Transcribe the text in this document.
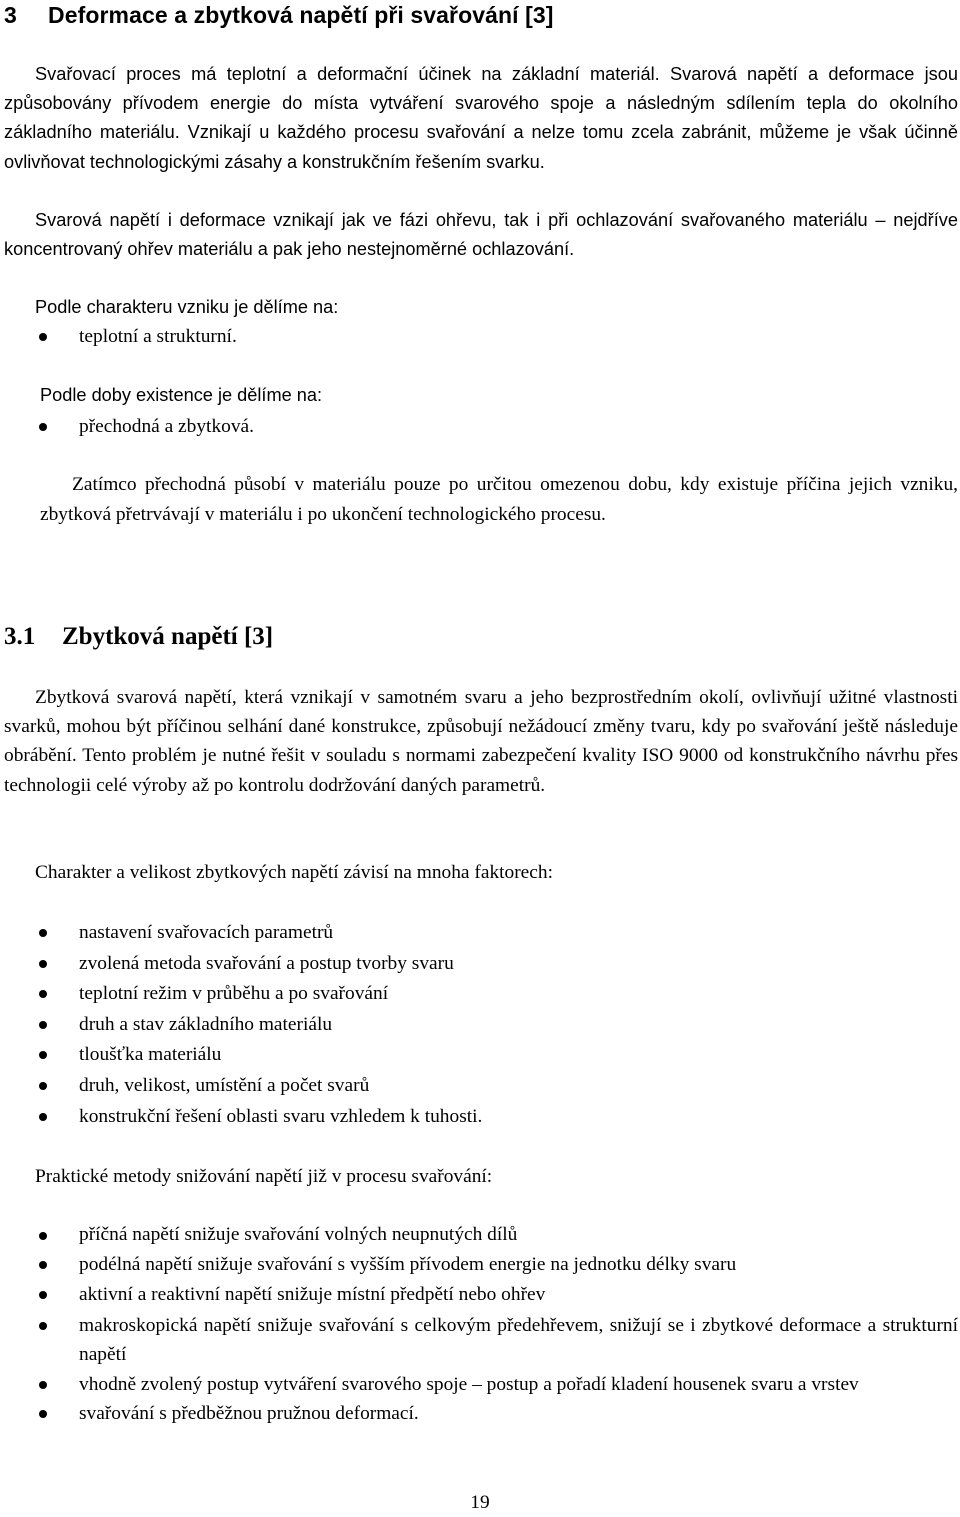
3 Deformace a zbytková napětí při svařování [3]

Svařovací proces má teplotní a deformační účinek na základní materiál. Svarová napětí a deformace jsou způsobovány přívodem energie do místa vytváření svarového spoje a následným sdílením tepla do okolního základního materiálu. Vznikají u každého procesu svařování a nelze tomu zcela zabránit, můžeme je však účinně ovlivňovat technologickými zásahy a konstrukčním řešením svarku.

Svarová napětí i deformace vznikají jak ve fázi ohřevu, tak i při ochlazování svařovaného materiálu – nejdříve koncentrovaný ohřev materiálu a pak jeho nestejnoměrné ochlazování.

Podle charakteru vzniku je dělíme na:

teplotní a strukturní.

Podle doby existence je dělíme na:

přechodná a zbytková.

Zatímco přechodná působí v materiálu pouze po určitou omezenou dobu, kdy existuje příčina jejich vzniku, zbytková přetrvávají v materiálu i po ukončení technologického procesu.

3.1 Zbytková napětí [3]

Zbytková svarová napětí, která vznikají v samotném svaru a jeho bezprostředním okolí, ovlivňují užitné vlastnosti svarků, mohou být příčinou selhání dané konstrukce, způsobují nežádoucí změny tvaru, kdy po svařování ještě následuje obrábění. Tento problém je nutné řešit v souladu s normami zabezpečení kvality ISO 9000 od konstrukčního návrhu přes technologii celé výroby až po kontrolu dodržování daných parametrů.

Charakter a velikost zbytkových napětí závisí na mnoha faktorech:

nastavení svařovacích parametrů
zvolená metoda svařování a postup tvorby svaru
teplotní režim v průběhu a po svařování
druh a stav základního materiálu
tloušťka materiálu
druh, velikost, umístění a počet svarů
konstrukční řešení oblasti svaru vzhledem k tuhosti.

Praktické metody snižování napětí již v procesu svařování:

příčná napětí snižuje svařování volných neupnutých dílů
podélná napětí snižuje svařování s vyšším přívodem energie na jednotku délky svaru
aktivní a reaktivní napětí snižuje místní předpětí nebo ohřev
makroskopická napětí snižuje svařování s celkovým předehřevem, snižují se i zbytkové deformace a strukturní napětí
vhodně zvolený postup vytváření svarového spoje – postup a pořadí kladení housenek svaru a vrstev
svařování s předběžnou pružnou deformací.
19
